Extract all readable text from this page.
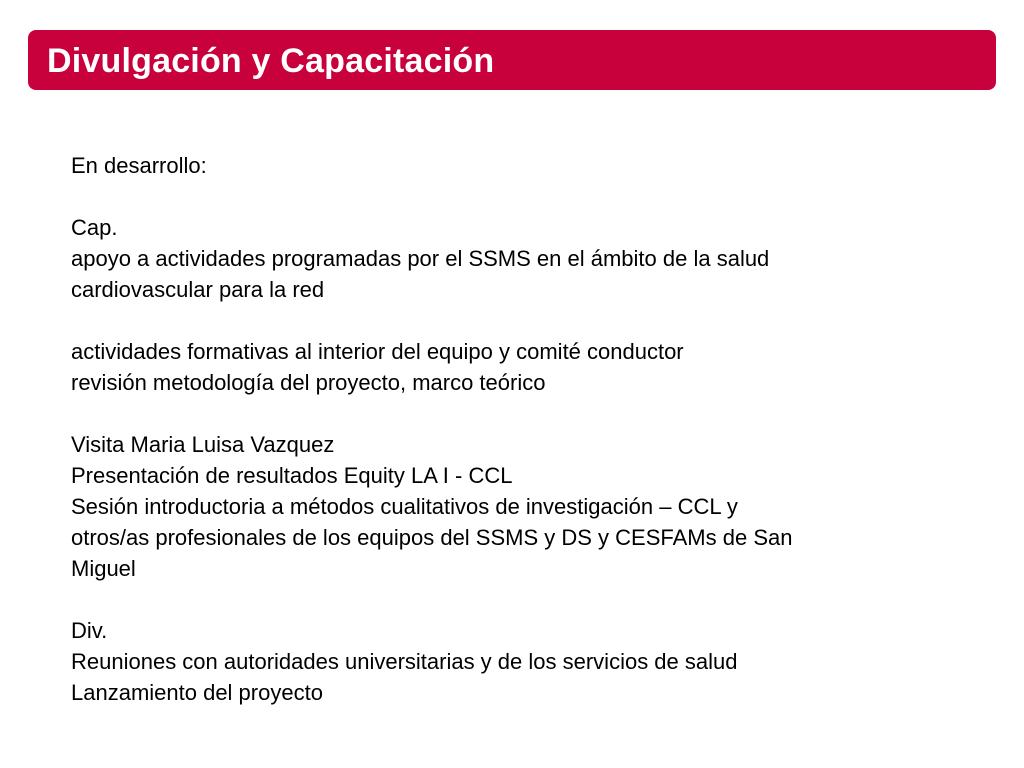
Divulgación y Capacitación
En desarrollo:
Cap.
apoyo a actividades programadas por el SSMS en el ámbito de la salud
cardiovascular para la red
actividades formativas al interior del equipo y comité conductor
revisión metodología del proyecto, marco teórico
Visita Maria Luisa Vazquez
Presentación de resultados Equity LA I - CCL
Sesión introductoria a métodos cualitativos de investigación – CCL y
otros/as profesionales de los equipos del SSMS y DS y CESFAMs de San
Miguel
Div.
Reuniones con autoridades universitarias y de los servicios de salud
Lanzamiento del proyecto
